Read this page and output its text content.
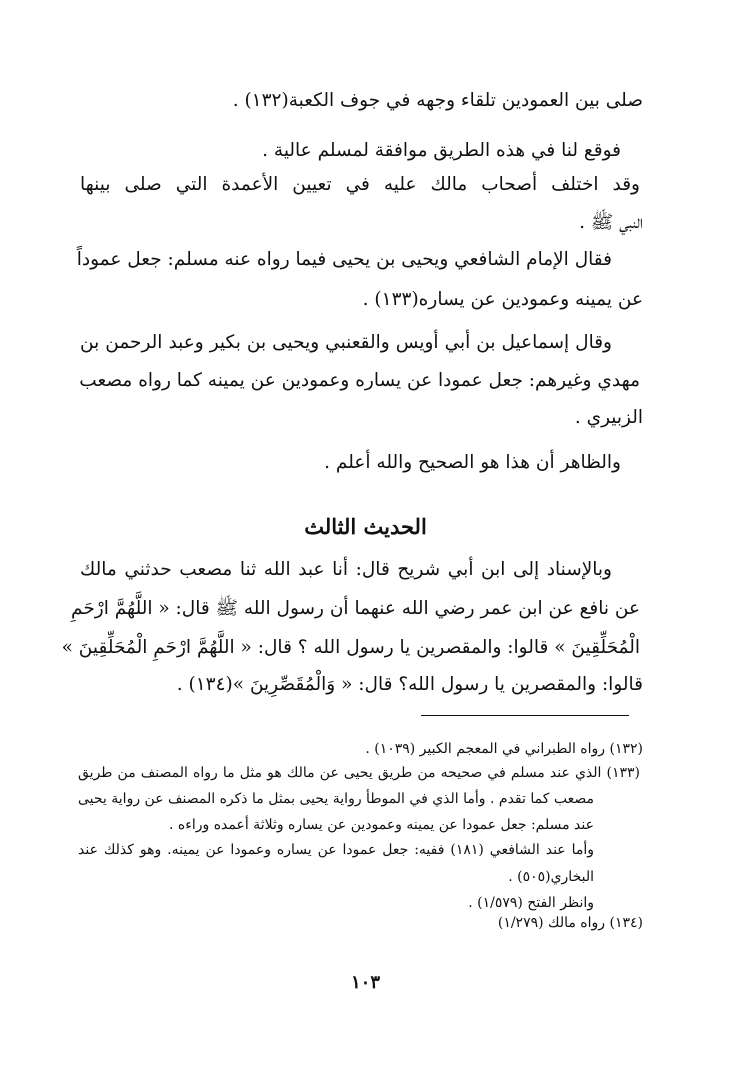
صلى بين العمودين تلقاء وجهه في جوف الكعبة(١٣٢) .
فوقع لنا في هذه الطريق موافقة لمسلم عالية .
وقد اختلف أصحاب مالك عليه في تعيين الأعمدة التي صلى بينها
النبي ﷺ .
فقال الإمام الشافعي ويحيى بن يحيى فيما رواه عنه مسلم: جعل عموداً
عن يمينه وعمودين عن يساره(١٣٣) .
وقال إسماعيل بن أبي أويس والقعنبي ويحيى بن بكير وعبد الرحمن بن
مهدي وغيرهم: جعل عمودا عن يساره وعمودين عن يمينه كما رواه مصعب
الزبيري .
والظاهر أن هذا هو الصحيح والله أعلم .
الحديث الثالث
وبالإسناد إلى ابن أبي شريح قال: أنا عبد الله ثنا مصعب حدثني مالك
عن نافع عن ابن عمر رضي الله عنهما أن رسول الله ﷺ قال: « اللَّهُمَّ ارْحَمِ
الْمُحَلِّقِينَ » قالوا: والمقصرين يا رسول الله ؟ قال: « اللَّهُمَّ ارْحَمِ الْمُحَلِّقِينَ »
قالوا: والمقصرين يا رسول الله؟ قال: « وَالْمُقَصِّرِينَ »(١٣٤) .
(١٣٢) رواه الطبراني في المعجم الكبير (١٠٣٩) .
(١٣٣) الذي عند مسلم في صحيحه من طريق يحيى عن مالك هو مثل ما رواه المصنف من طريق
مصعب كما تقدم . وأما الذي في الموطأ رواية يحيى بمثل ما ذكره المصنف عن رواية يحيى
عند مسلم: جعل عمودا عن يمينه وعمودين عن يساره وثلاثة أعمده وراءه .
وأما عند الشافعي (١٨١) ففيه: جعل عمودا عن يساره وعمودا عن يمينه. وهو كذلك عند
البخاري(٥٠٥) .
وانظر الفتح (١/٥٧٩) .
(١٣٤) رواه مالك (١/٢٧٩)
١٠٣
